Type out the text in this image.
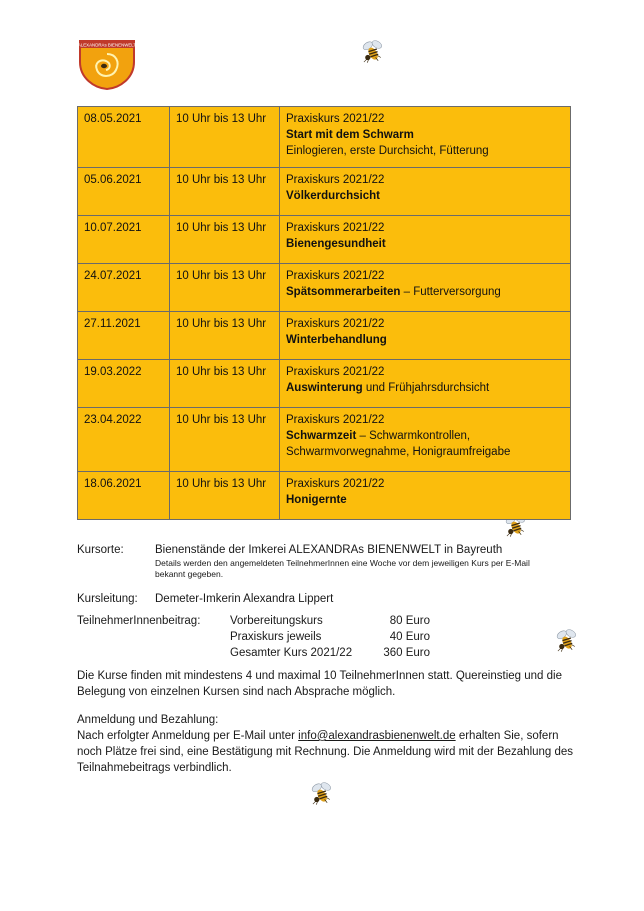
ALEXANDRAs BIENENWELT
08.05.2021	10 Uhr bis 13 Uhr	Praxiskurs 2021/22
Start mit dem Schwarm
Einlogieren, erste Durchsicht, Fütterung

05.06.2021	10 Uhr bis 13 Uhr	Praxiskurs 2021/22
Völkerdurchsicht

10.07.2021	10 Uhr bis 13 Uhr	Praxiskurs 2021/22
Bienengesundheit

24.07.2021	10 Uhr bis 13 Uhr	Praxiskurs 2021/22
Spätsommerarbeiten – Futterversorgung

27.11.2021	10 Uhr bis 13 Uhr	Praxiskurs 2021/22
Winterbehandlung

19.03.2022	10 Uhr bis 13 Uhr	Praxiskurs 2021/22
Auswinterung und Frühjahrsdurchsicht

23.04.2022	10 Uhr bis 13 Uhr	Praxiskurs 2021/22
Schwarmzeit – Schwarmkontrollen, Schwarmvorwegnahme, Honigraumfreigabe

18.06.2021	10 Uhr bis 13 Uhr	Praxiskurs 2021/22
Honigernte
Kursorte:	Bienenstände der Imkerei ALEXANDRAs BIENENWELT in Bayreuth
Details werden den angemeldeten TeilnehmerInnen eine Woche vor dem jeweiligen Kurs per E-Mail bekannt gegeben.
Kursleitung: Demeter-Imkerin Alexandra Lippert
TeilnehmerInnenbeitrag:	Vorbereitungskurs	80 Euro
Praxiskurs jeweils	40 Euro
Gesamter Kurs 2021/22	360 Euro
Die Kurse finden mit mindestens 4 und maximal 10 TeilnehmerInnen statt. Quereinstieg und die Belegung von einzelnen Kursen sind nach Absprache möglich.
Anmeldung und Bezahlung:
Nach erfolgter Anmeldung per E-Mail unter info@alexandrasbienenwelt.de erhalten Sie, sofern noch Plätze frei sind, eine Bestätigung mit Rechnung. Die Anmeldung wird mit der Bezahlung des Teilnahmebeitrags verbindlich.
